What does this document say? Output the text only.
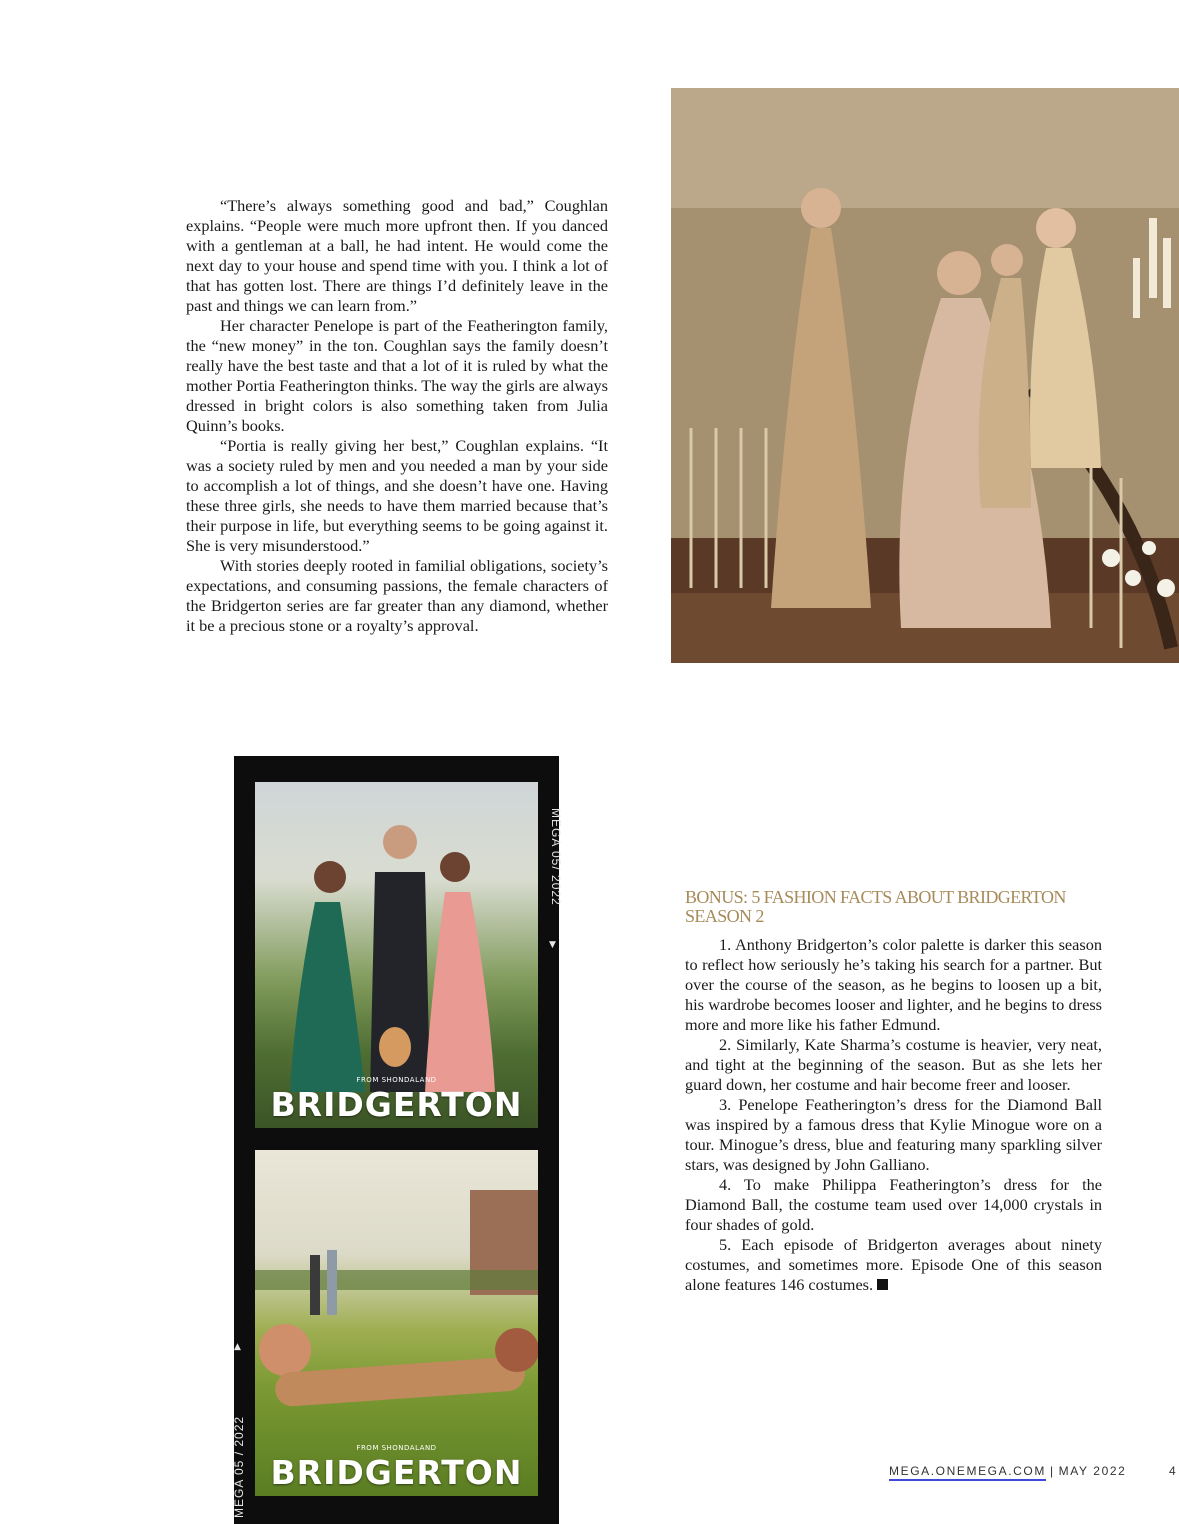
“There’s always something good and bad,” Coughlan explains. “People were much more upfront then. If you danced with a gentleman at a ball, he had intent. He would come the next day to your house and spend time with you. I think a lot of that has gotten lost. There are things I’d definitely leave in the past and things we can learn from.”

Her character Penelope is part of the Featherington family, the “new money” in the ton. Coughlan says the family doesn’t really have the best taste and that a lot of it is ruled by what the mother Portia Featherington thinks. The way the girls are always dressed in bright colors is also something taken from Julia Quinn’s books.

“Portia is really giving her best,” Coughlan explains. “It was a society ruled by men and you needed a man by your side to accomplish a lot of things, and she doesn’t have one. Having these three girls, she needs to have them married because that’s their purpose in life, but everything seems to be going against it. She is very misunderstood.”

With stories deeply rooted in familial obligations, society’s expectations, and consuming passions, the female characters of the Bridgerton series are far greater than any diamond, whether it be a precious stone or a royalty’s approval.

FROM SHONDALAND
BRIDGERTON
FROM SHONDALAND
BRIDGERTON
MEGA 05/ 2022
▼
MEGA 05 / 2022
▲
BONUS: 5 FASHION FACTS ABOUT BRIDGERTON SEASON 2

1. Anthony Bridgerton’s color palette is darker this season to reflect how seriously he’s taking his search for a partner. But over the course of the season, as he begins to loosen up a bit, his wardrobe becomes looser and lighter, and he begins to dress more and more like his father Edmund.

2. Similarly, Kate Sharma’s costume is heavier, very neat, and tight at the beginning of the season. But as she lets her guard down, her costume and hair become freer and looser.

3. Penelope Featherington’s dress for the Diamond Ball was inspired by a famous dress that Kylie Minogue wore on a tour. Minogue’s dress, blue and featuring many sparkling silver stars, was designed by John Galliano.

4. To make Philippa Featherington’s dress for the Diamond Ball, the costume team used over 14,000 crystals in four shades of gold.

5. Each episode of Bridgerton averages about ninety costumes, and sometimes more. Episode One of this season alone features 146 costumes.

MEGA.ONEMEGA.COM | MAY 2022	4
